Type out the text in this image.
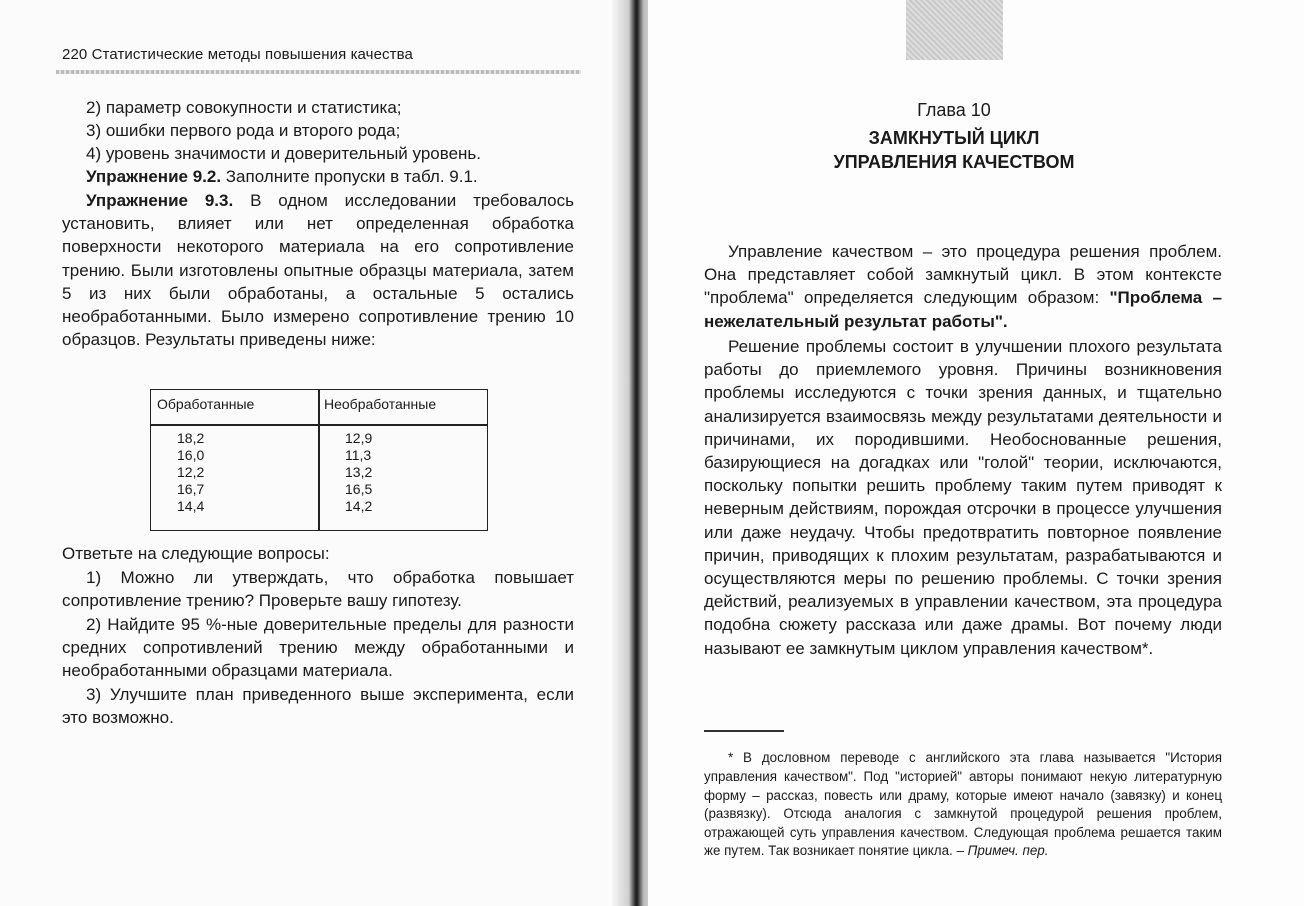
220 Статистические методы повышения качества

2) параметр совокупности и статистика;

3) ошибки первого рода и второго рода;

4) уровень значимости и доверительный уровень.

Упражнение 9.2. Заполните пропуски в табл. 9.1.

Упражнение 9.3. В одном исследовании требовалось установить, влияет или нет определенная обработка поверхности некоторого материала на его сопротивление трению. Были изготовлены опытные образцы материала, затем 5 из них были обработаны, а остальные 5 остались необработанными. Было измерено сопротивление трению 10 образцов. Результаты приведены ниже:

Обработанные	Необработанные
18,2
16,0
12,2
16,7
14,4
12,9
11,3
13,2
16,5
14,2

Ответьте на следующие вопросы:

1) Можно ли утверждать, что обработка повышает сопротивление трению? Проверьте вашу гипотезу.

2) Найдите 95 %-ные доверительные пределы для разности средних сопротивлений трению между обработанными и необработанными образцами материала.

3) Улучшите план приведенного выше эксперимента, если это возможно.

Глава 10
ЗАМКНУТЫЙ ЦИКЛ
УПРАВЛЕНИЯ КАЧЕСТВОМ

Управление качеством – это процедура решения проблем. Она представляет собой замкнутый цикл. В этом контексте "проблема" определяется следующим образом: "Проблема – нежелательный результат работы".

Решение проблемы состоит в улучшении плохого результата работы до приемлемого уровня. Причины возникновения проблемы исследуются с точки зрения данных, и тщательно анализируется взаимосвязь между результатами деятельности и причинами, их породившими. Необоснованные решения, базирующиеся на догадках или "голой" теории, исключаются, поскольку попытки решить проблему таким путем приводят к неверным действиям, порождая отсрочки в процессе улучшения или даже неудачу. Чтобы предотвратить повторное появление причин, приводящих к плохим результатам, разрабатываются и осуществляются меры по решению проблемы. С точки зрения действий, реализуемых в управлении качеством, эта процедура подобна сюжету рассказа или даже драмы. Вот почему люди называют ее замкнутым циклом управления качеством*.

* В дословном переводе с английского эта глава называется "История управления качеством". Под "историей" авторы понимают некую литературную форму – рассказ, повесть или драму, которые имеют начало (завязку) и конец (развязку). Отсюда аналогия с замкнутой процедурой решения проблем, отражающей суть управления качеством. Следующая проблема решается таким же путем. Так возникает понятие цикла. – Примеч. пер.
